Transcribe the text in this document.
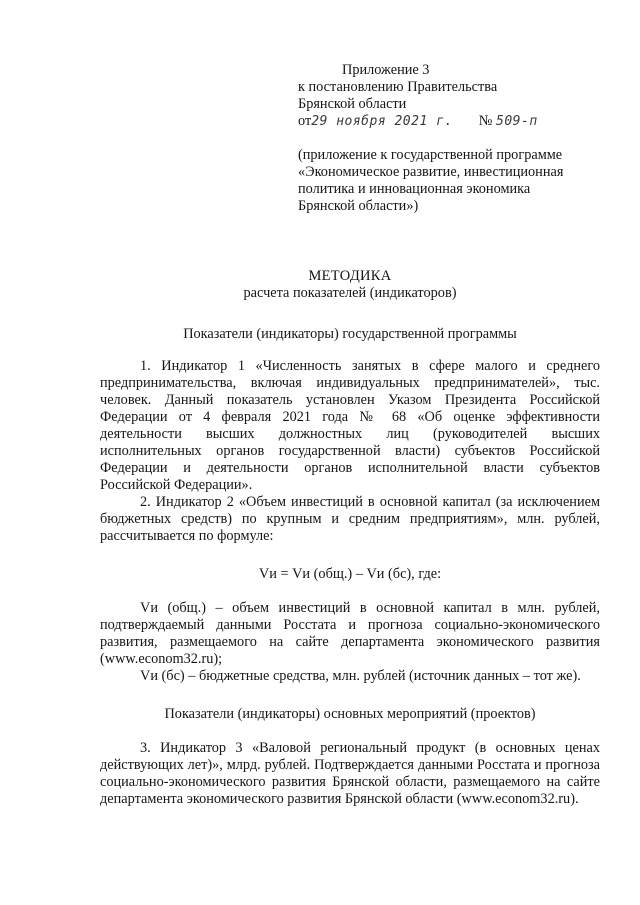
Приложение 3
к постановлению Правительства
Брянской области
от29 ноября 2021 г. № 509-п
(приложение к государственной программе
«Экономическое развитие, инвестиционная
политика и инновационная экономика
Брянской области»)
МЕТОДИКА
расчета показателей (индикаторов)
Показатели (индикаторы) государственной программы
1. Индикатор 1 «Численность занятых в сфере малого и среднего предпринимательства, включая индивидуальных предпринимателей», тыс. человек. Данный показатель установлен Указом Президента Российской Федерации от 4 февраля 2021 года № 68 «Об оценке эффективности деятельности высших должностных лиц (руководителей высших исполнительных органов государственной власти) субъектов Российской Федерации и деятельности органов исполнительной власти субъектов Российской Федерации».
2. Индикатор 2 «Объем инвестиций в основной капитал (за исключением бюджетных средств) по крупным и средним предприятиям», млн. рублей, рассчитывается по формуле:
Vи = Vи (общ.) – Vи (бс), где:
Vи (общ.) – объем инвестиций в основной капитал в млн. рублей, подтверждаемый данными Росстата и прогноза социально-экономического развития, размещаемого на сайте департамента экономического развития (www.econom32.ru);
Vи (бс) – бюджетные средства, млн. рублей (источник данных – тот же).
Показатели (индикаторы) основных мероприятий (проектов)
3. Индикатор 3 «Валовой региональный продукт (в основных ценах действующих лет)», млрд. рублей. Подтверждается данными Росстата и прогноза социально-экономического развития Брянской области, размещаемого на сайте департамента экономического развития Брянской области (www.econom32.ru).
